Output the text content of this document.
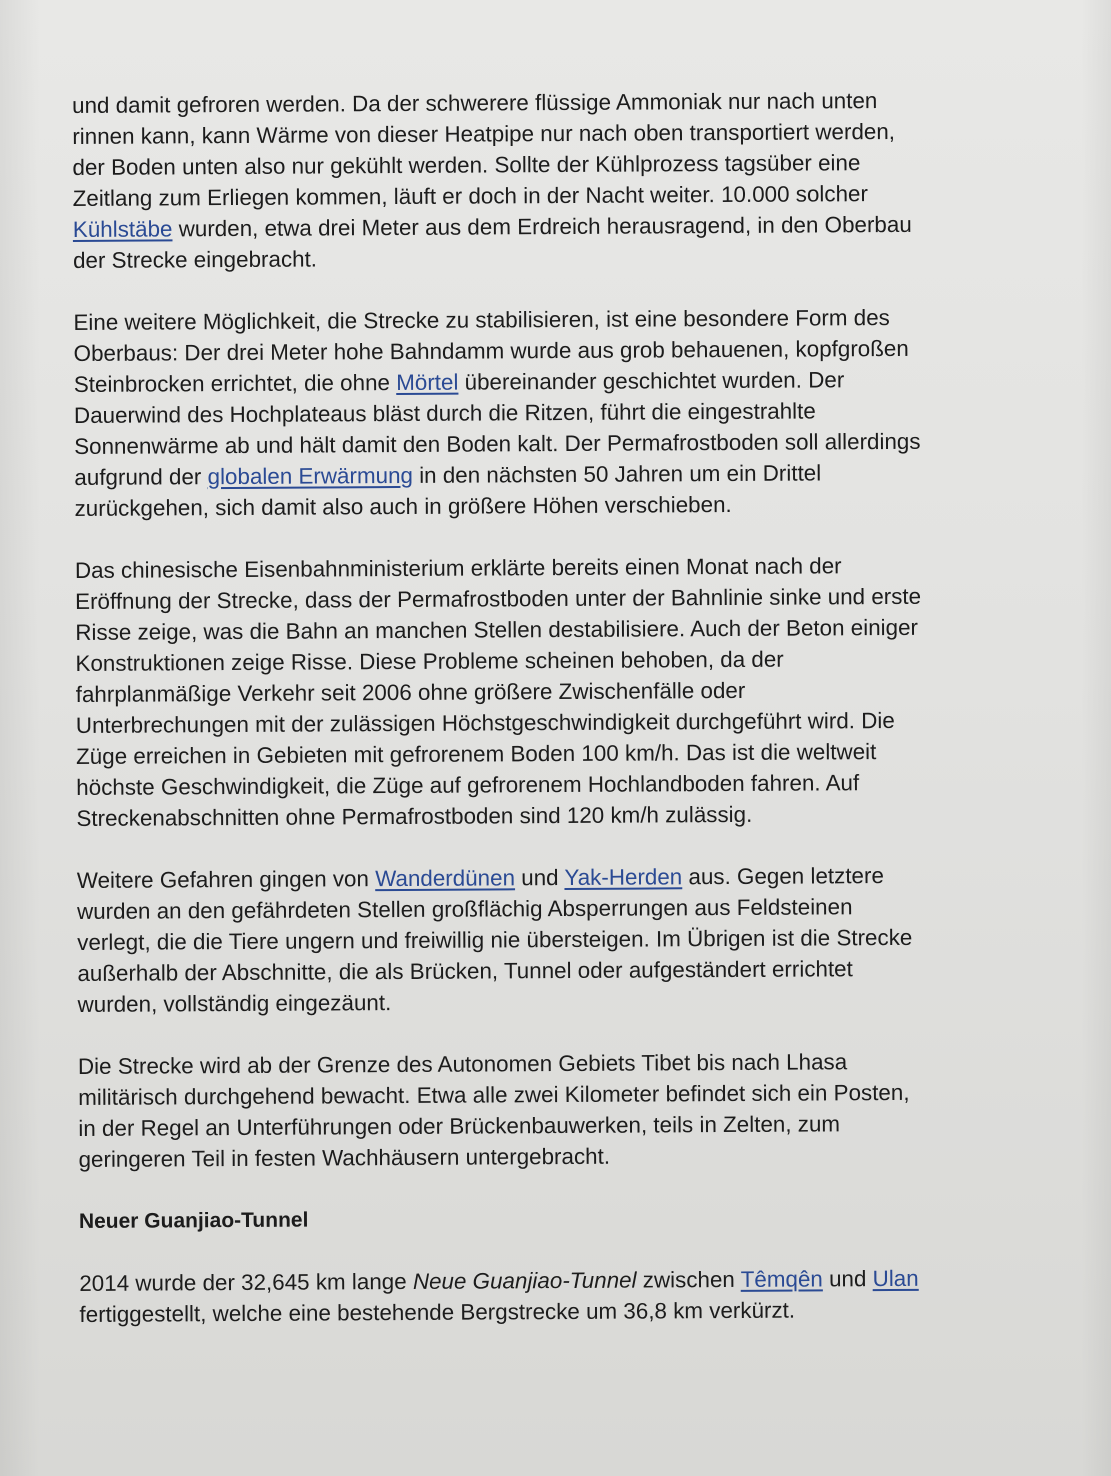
und damit gefroren werden. Da der schwerere flüssige Ammoniak nur nach unten
rinnen kann, kann Wärme von dieser Heatpipe nur nach oben transportiert werden,
der Boden unten also nur gekühlt werden. Sollte der Kühlprozess tagsüber eine
Zeitlang zum Erliegen kommen, läuft er doch in der Nacht weiter. 10.000 solcher
Kühlstäbe wurden, etwa drei Meter aus dem Erdreich herausragend, in den Oberbau
der Strecke eingebracht.

Eine weitere Möglichkeit, die Strecke zu stabilisieren, ist eine besondere Form des
Oberbaus: Der drei Meter hohe Bahndamm wurde aus grob behauenen, kopfgroßen
Steinbrocken errichtet, die ohne Mörtel übereinander geschichtet wurden. Der
Dauerwind des Hochplateaus bläst durch die Ritzen, führt die eingestrahlte
Sonnenwärme ab und hält damit den Boden kalt. Der Permafrostboden soll allerdings
aufgrund der globalen Erwärmung in den nächsten 50 Jahren um ein Drittel
zurückgehen, sich damit also auch in größere Höhen verschieben.

Das chinesische Eisenbahnministerium erklärte bereits einen Monat nach der
Eröffnung der Strecke, dass der Permafrostboden unter der Bahnlinie sinke und erste
Risse zeige, was die Bahn an manchen Stellen destabilisiere. Auch der Beton einiger
Konstruktionen zeige Risse. Diese Probleme scheinen behoben, da der
fahrplanmäßige Verkehr seit 2006 ohne größere Zwischenfälle oder
Unterbrechungen mit der zulässigen Höchstgeschwindigkeit durchgeführt wird. Die
Züge erreichen in Gebieten mit gefrorenem Boden 100 km/h. Das ist die weltweit
höchste Geschwindigkeit, die Züge auf gefrorenem Hochlandboden fahren. Auf
Streckenabschnitten ohne Permafrostboden sind 120 km/h zulässig.

Weitere Gefahren gingen von Wanderdünen und Yak-Herden aus. Gegen letztere
wurden an den gefährdeten Stellen großflächig Absperrungen aus Feldsteinen
verlegt, die die Tiere ungern und freiwillig nie übersteigen. Im Übrigen ist die Strecke
außerhalb der Abschnitte, die als Brücken, Tunnel oder aufgeständert errichtet
wurden, vollständig eingezäunt.

Die Strecke wird ab der Grenze des Autonomen Gebiets Tibet bis nach Lhasa
militärisch durchgehend bewacht. Etwa alle zwei Kilometer befindet sich ein Posten,
in der Regel an Unterführungen oder Brückenbauwerken, teils in Zelten, zum
geringeren Teil in festen Wachhäusern untergebracht.

Neuer Guanjiao-Tunnel

2014 wurde der 32,645 km lange Neue Guanjiao-Tunnel zwischen Têmqên und Ulan
fertiggestellt, welche eine bestehende Bergstrecke um 36,8 km verkürzt.
